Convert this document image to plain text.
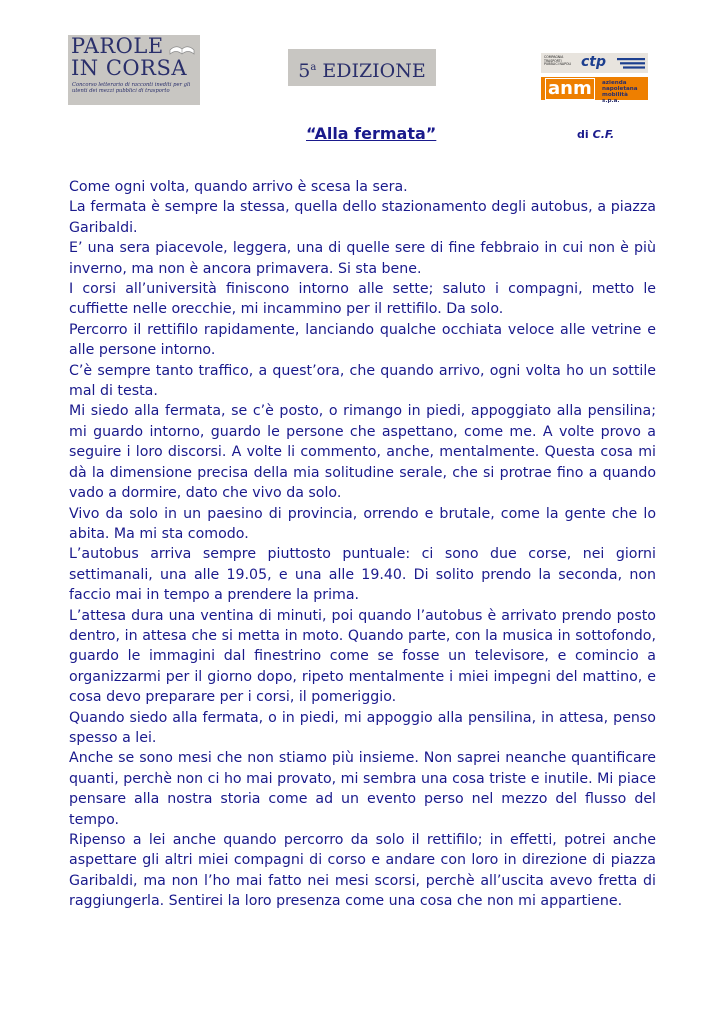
PAROLE
IN CORSA
Concorso letterario di racconti inediti per gli utenti dei mezzi pubblici di trasporto
5$^a$ EDIZIONE
COMPAGNIA TRASPORTI PUBBLICI NAPOLI ctp
anm	azienda napoletana mobilità s.p.a.
“Alla fermata”	di C.F.

Come ogni volta, quando arrivo è scesa la sera.

La fermata è sempre la stessa, quella dello stazionamento degli autobus, a piazza Garibaldi.

E’ una sera piacevole, leggera, una di quelle sere di fine febbraio in cui non è più inverno, ma non è ancora primavera. Si sta bene.

I corsi all’università finiscono intorno alle sette; saluto i compagni, metto le cuffiette nelle orecchie, mi incammino per il rettifilo. Da solo.

Percorro il rettifilo rapidamente, lanciando qualche occhiata veloce alle vetrine e alle persone intorno.

C’è sempre tanto traffico, a quest’ora, che quando arrivo, ogni volta ho un sottile mal di testa.

Mi siedo alla fermata, se c’è posto, o rimango in piedi, appoggiato alla pensilina; mi guardo intorno, guardo le persone che aspettano, come me. A volte provo a seguire i loro discorsi. A volte li commento, anche, mentalmente. Questa cosa mi dà la dimensione precisa della mia solitudine serale, che si protrae fino a quando vado a dormire, dato che vivo da solo.

Vivo da solo in un paesino di provincia, orrendo e brutale, come la gente che lo abita. Ma mi sta comodo.

L’autobus arriva sempre piuttosto puntuale: ci sono due corse, nei giorni settimanali, una alle 19.05, e una alle 19.40. Di solito prendo la seconda, non faccio mai in tempo a prendere la prima.

L’attesa dura una ventina di minuti, poi quando l’autobus è arrivato prendo posto dentro, in attesa che si metta in moto. Quando parte, con la musica in sottofondo, guardo le immagini dal finestrino come se fosse un televisore, e comincio a organizzarmi per il giorno dopo, ripeto mentalmente i miei impegni del mattino, e cosa devo preparare per i corsi, il pomeriggio.

Quando siedo alla fermata, o in piedi, mi appoggio alla pensilina, in attesa, penso spesso a lei.

Anche se sono mesi che non stiamo più insieme. Non saprei neanche quantificare quanti, perchè non ci ho mai provato, mi sembra una cosa triste e inutile. Mi piace pensare alla nostra storia come ad un evento perso nel mezzo del flusso del tempo.

Ripenso a lei anche quando percorro da solo il rettifilo; in effetti, potrei anche aspettare gli altri miei compagni di corso e andare con loro in direzione di piazza Garibaldi, ma non l’ho mai fatto nei mesi scorsi, perchè all’uscita avevo fretta di raggiungerla. Sentirei la loro presenza come una cosa che non mi appartiene.
